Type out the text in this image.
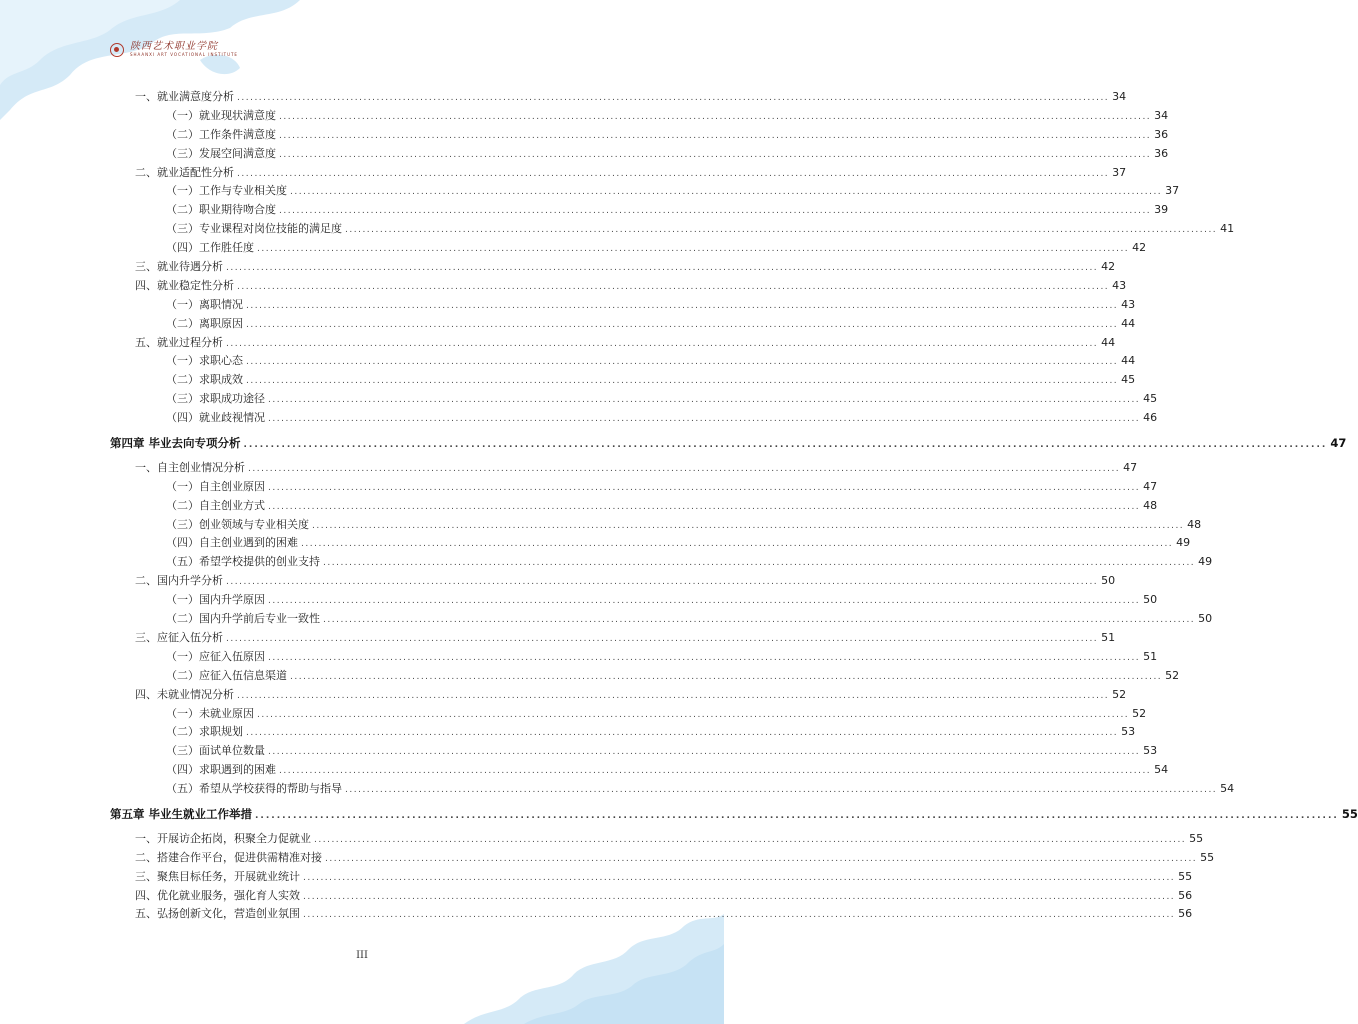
陕西艺术职业学院
SHAANXI ART VOCATIONAL INSTITUTE
一、就业满意度分析 ........................................................................................................................................................................................................ 34
（一）就业现状满意度 ........................................................................................................................................................................................................ 34
（二）工作条件满意度 ........................................................................................................................................................................................................ 36
（三）发展空间满意度 ........................................................................................................................................................................................................ 36
二、就业适配性分析 ........................................................................................................................................................................................................ 37
（一）工作与专业相关度 ........................................................................................................................................................................................................ 37
（二）职业期待吻合度 ........................................................................................................................................................................................................ 39
（三）专业课程对岗位技能的满足度 ........................................................................................................................................................................................................ 41
（四）工作胜任度 ........................................................................................................................................................................................................ 42
三、就业待遇分析 ........................................................................................................................................................................................................ 42
四、就业稳定性分析 ........................................................................................................................................................................................................ 43
（一）离职情况 ........................................................................................................................................................................................................ 43
（二）离职原因 ........................................................................................................................................................................................................ 44
五、就业过程分析 ........................................................................................................................................................................................................ 44
（一）求职心态 ........................................................................................................................................................................................................ 44
（二）求职成效 ........................................................................................................................................................................................................ 45
（三）求职成功途径 ........................................................................................................................................................................................................ 45
（四）就业歧视情况 ........................................................................................................................................................................................................ 46
第四章 毕业去向专项分析 ........................................................................................................................................................................................................ 47
一、自主创业情况分析 ........................................................................................................................................................................................................ 47
（一）自主创业原因 ........................................................................................................................................................................................................ 47
（二）自主创业方式 ........................................................................................................................................................................................................ 48
（三）创业领域与专业相关度 ........................................................................................................................................................................................................ 48
（四）自主创业遇到的困难 ........................................................................................................................................................................................................ 49
（五）希望学校提供的创业支持 ........................................................................................................................................................................................................ 49
二、国内升学分析 ........................................................................................................................................................................................................ 50
（一）国内升学原因 ........................................................................................................................................................................................................ 50
（二）国内升学前后专业一致性 ........................................................................................................................................................................................................ 50
三、应征入伍分析 ........................................................................................................................................................................................................ 51
（一）应征入伍原因 ........................................................................................................................................................................................................ 51
（二）应征入伍信息渠道 ........................................................................................................................................................................................................ 52
四、未就业情况分析 ........................................................................................................................................................................................................ 52
（一）未就业原因 ........................................................................................................................................................................................................ 52
（二）求职规划 ........................................................................................................................................................................................................ 53
（三）面试单位数量 ........................................................................................................................................................................................................ 53
（四）求职遇到的困难 ........................................................................................................................................................................................................ 54
（五）希望从学校获得的帮助与指导 ........................................................................................................................................................................................................ 54
第五章 毕业生就业工作举措 ........................................................................................................................................................................................................ 55
一、开展访企拓岗，积聚全力促就业 ........................................................................................................................................................................................................ 55
二、搭建合作平台，促进供需精准对接 ........................................................................................................................................................................................................ 55
三、聚焦目标任务，开展就业统计 ........................................................................................................................................................................................................ 55
四、优化就业服务，强化育人实效 ........................................................................................................................................................................................................ 56
五、弘扬创新文化，营造创业氛围 ........................................................................................................................................................................................................ 56
III
